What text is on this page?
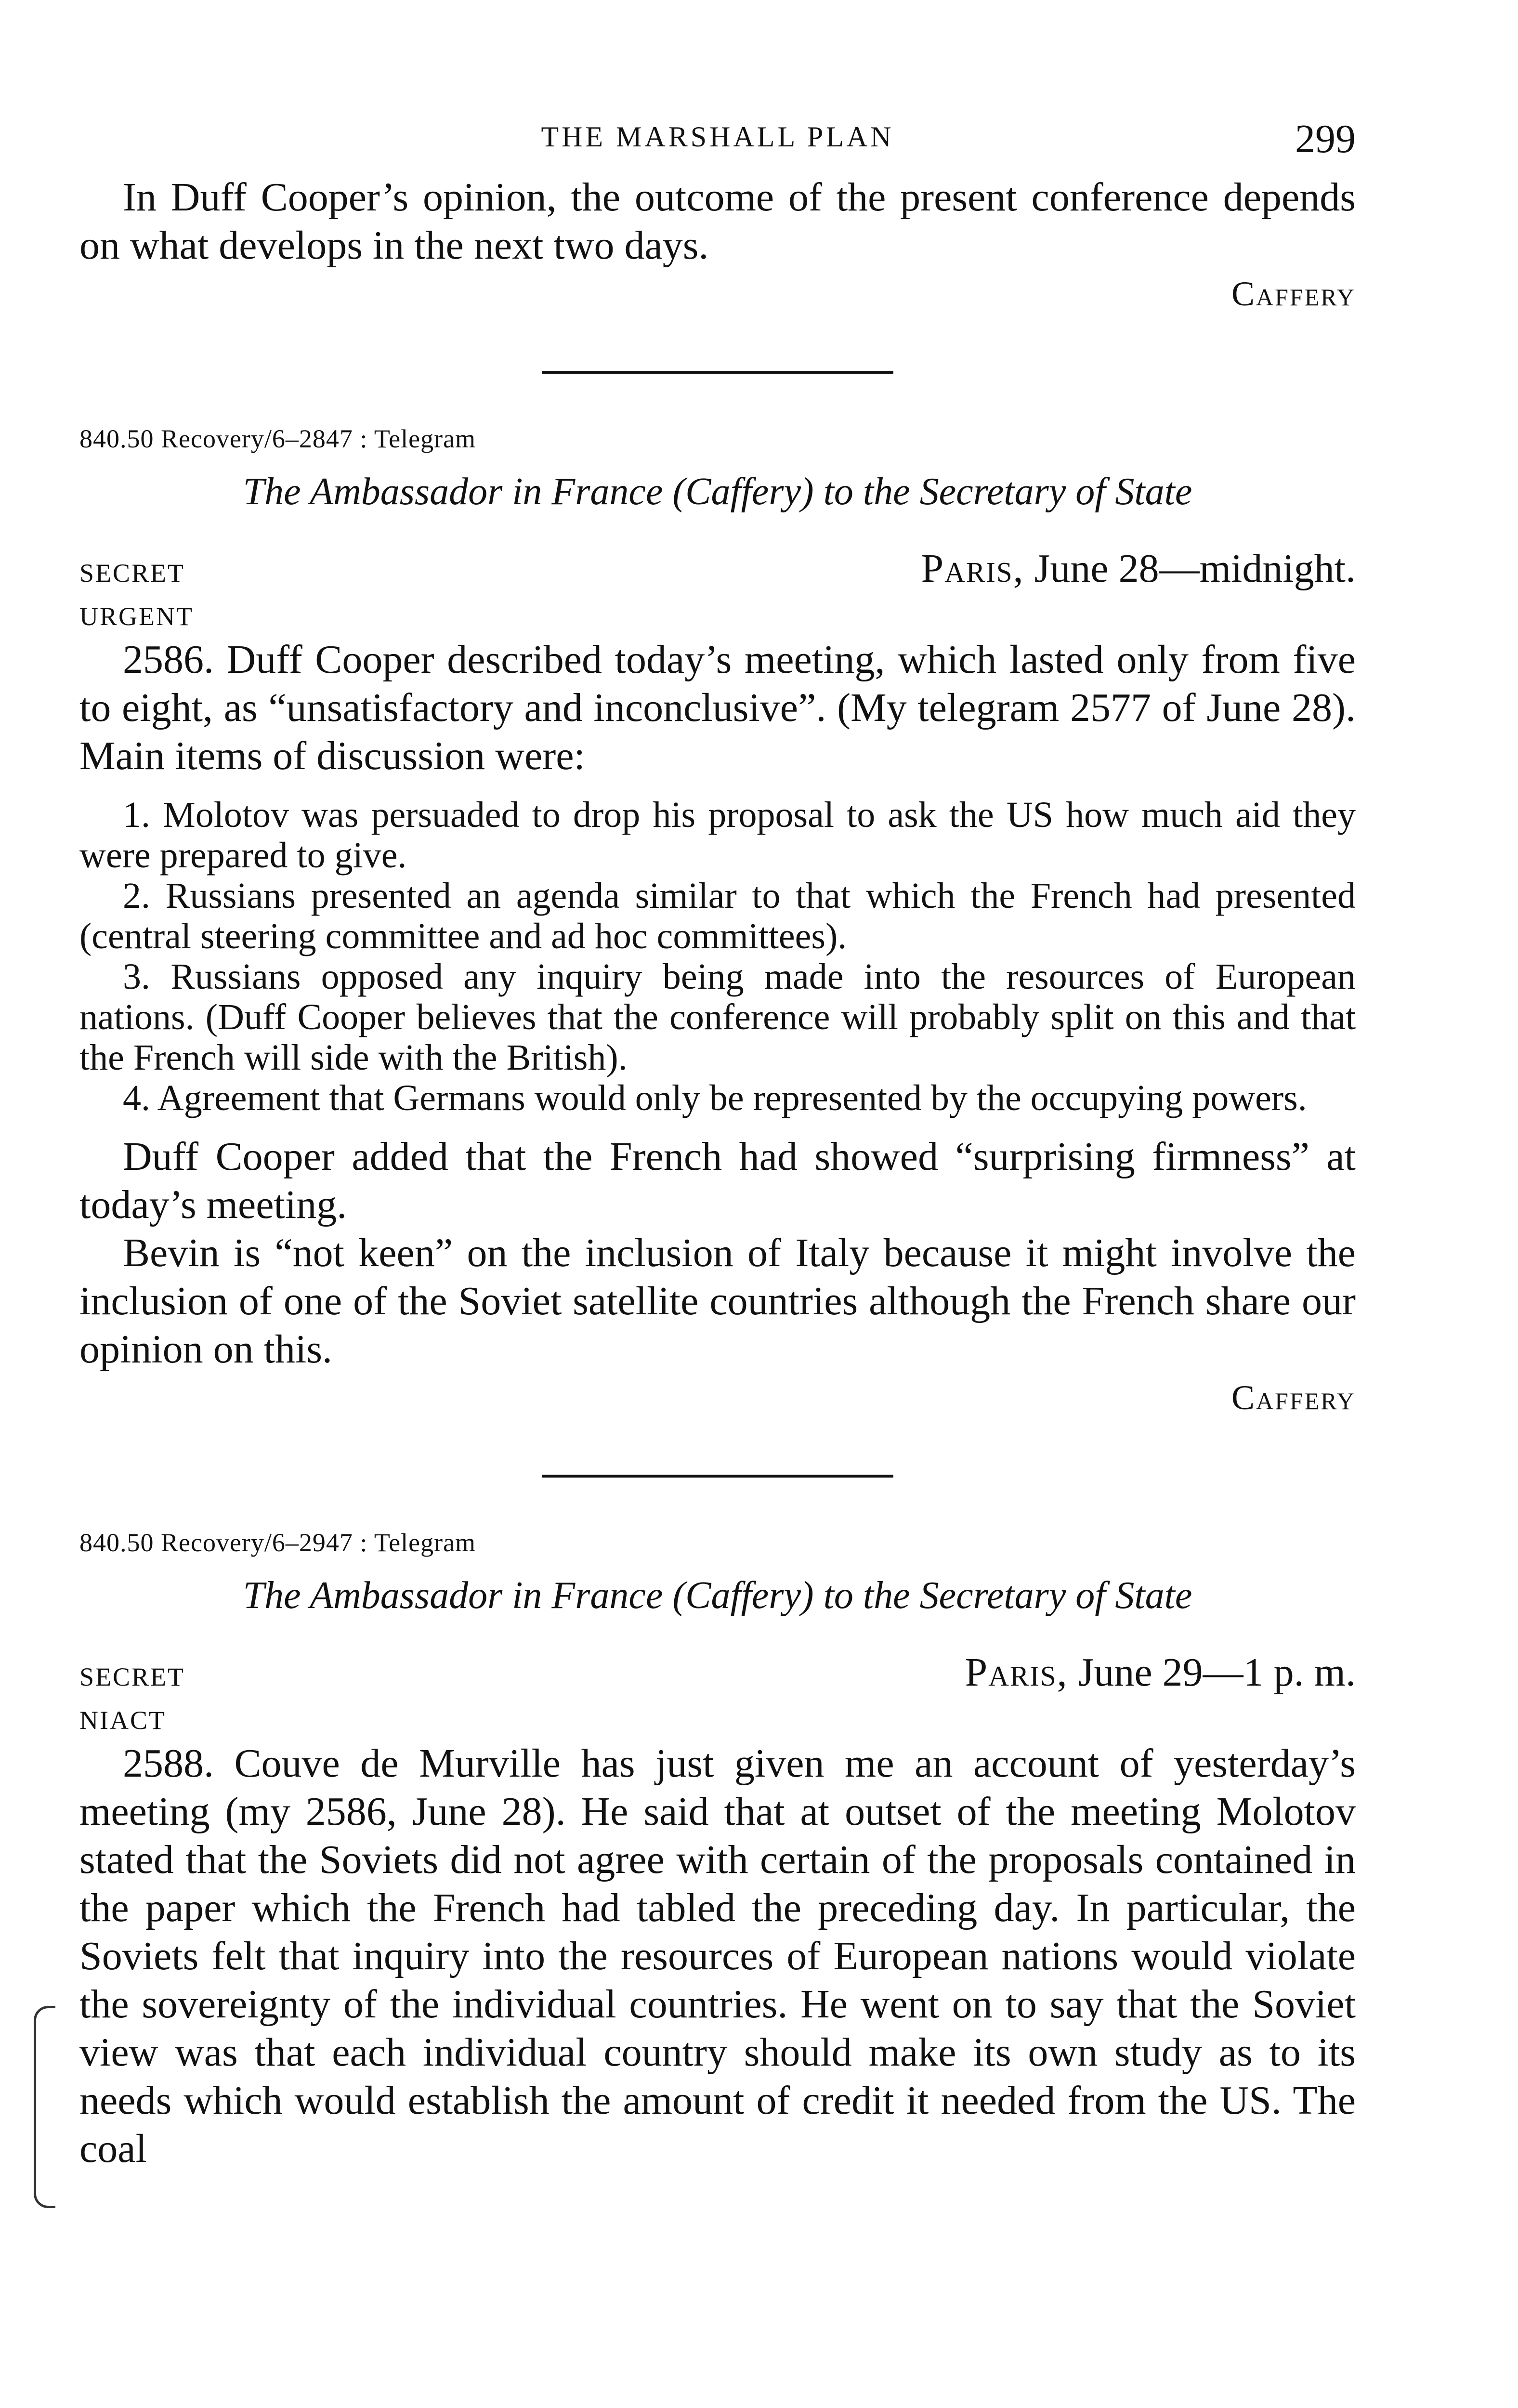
THE MARSHALL PLAN	299

In Duff Cooper’s opinion, the outcome of the present conference depends on what develops in the next two days.

Caffery
840.50 Recovery/6–2847 : Telegram
The Ambassador in France (Caffery) to the Secretary of State
SECRET	Paris, June 28—midnight.
URGENT

2586. Duff Cooper described today’s meeting, which lasted only from five to eight, as “unsatisfactory and inconclusive”. (My telegram 2577 of June 28). Main items of discussion were:

1. Molotov was persuaded to drop his proposal to ask the US how much aid they were prepared to give.

2. Russians presented an agenda similar to that which the French had presented (central steering committee and ad hoc committees).

3. Russians opposed any inquiry being made into the resources of European nations. (Duff Cooper believes that the conference will probably split on this and that the French will side with the British).

4. Agreement that Germans would only be represented by the occupying powers.

Duff Cooper added that the French had showed “surprising firmness” at today’s meeting.

Bevin is “not keen” on the inclusion of Italy because it might involve the inclusion of one of the Soviet satellite countries although the French share our opinion on this.

Caffery
840.50 Recovery/6–2947 : Telegram
The Ambassador in France (Caffery) to the Secretary of State
SECRET	Paris, June 29—1 p. m.
NIACT

2588. Couve de Murville has just given me an account of yesterday’s meeting (my 2586, June 28). He said that at outset of the meeting Molotov stated that the Soviets did not agree with certain of the proposals contained in the paper which the French had tabled the preceding day. In particular, the Soviets felt that inquiry into the resources of European nations would violate the sovereignty of the individual countries. He went on to say that the Soviet view was that each individual country should make its own study as to its needs which would establish the amount of credit it needed from the US. The coal
